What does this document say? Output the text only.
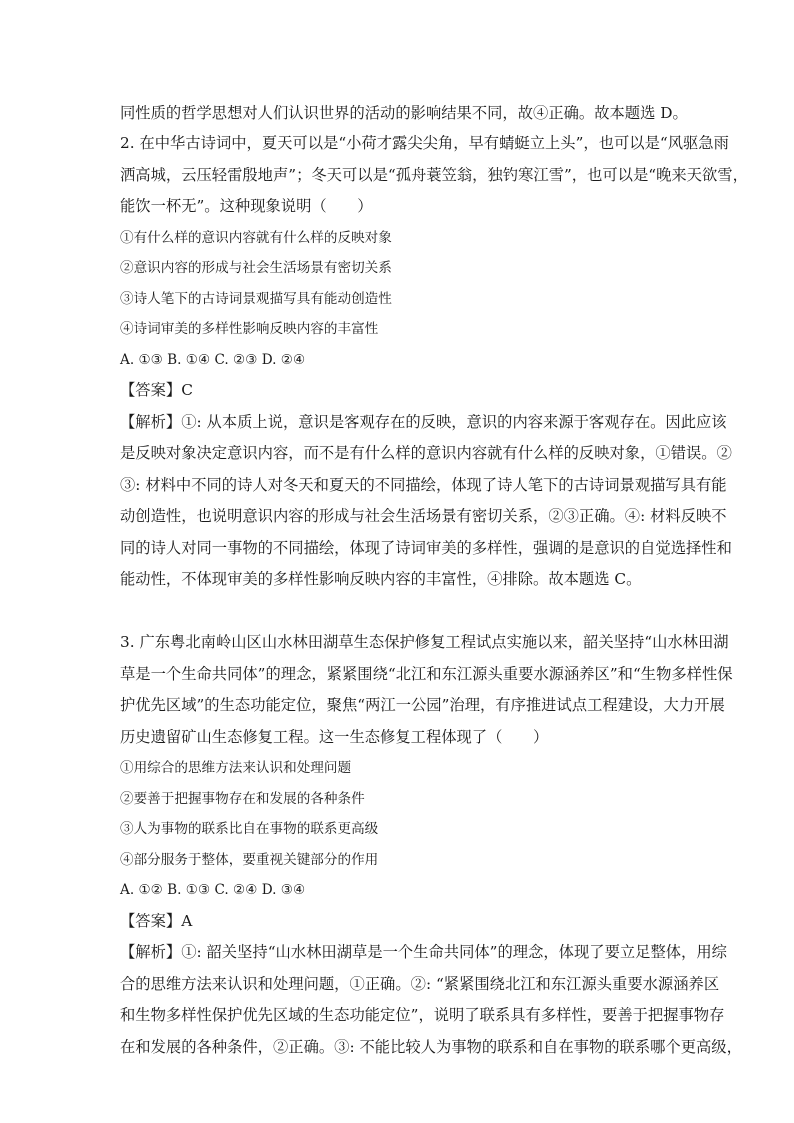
同性质的哲学思想对人们认识世界的活动的影响结果不同，故④正确。故本题选 D。
2. 在中华古诗词中，夏天可以是“小荷才露尖尖角，早有蜻蜓立上头”，也可以是“风驱急雨
洒高城，云压轻雷殷地声”；冬天可以是“孤舟蓑笠翁，独钓寒江雪”，也可以是“晚来天欲雪，
能饮一杯无”。这种现象说明（　　）
①有什么样的意识内容就有什么样的反映对象
②意识内容的形成与社会生活场景有密切关系
③诗人笔下的古诗词景观描写具有能动创造性
④诗词审美的多样性影响反映内容的丰富性
A. ①③ B. ①④ C. ②③ D. ②④
【答案】C
【解析】①: 从本质上说，意识是客观存在的反映，意识的内容来源于客观存在。因此应该
是反映对象决定意识内容，而不是有什么样的意识内容就有什么样的反映对象，①错误。②
③: 材料中不同的诗人对冬天和夏天的不同描绘，体现了诗人笔下的古诗词景观描写具有能
动创造性，也说明意识内容的形成与社会生活场景有密切关系，②③正确。④: 材料反映不
同的诗人对同一事物的不同描绘，体现了诗词审美的多样性，强调的是意识的自觉选择性和
能动性，不体现审美的多样性影响反映内容的丰富性，④排除。故本题选 C。
3. 广东粤北南岭山区山水林田湖草生态保护修复工程试点实施以来，韶关坚持“山水林田湖
草是一个生命共同体”的理念，紧紧围绕“北江和东江源头重要水源涵养区”和“生物多样性保
护优先区域”的生态功能定位，聚焦“两江一公园”治理，有序推进试点工程建设，大力开展
历史遗留矿山生态修复工程。这一生态修复工程体现了（　　）
①用综合的思维方法来认识和处理问题
②要善于把握事物存在和发展的各种条件
③人为事物的联系比自在事物的联系更高级
④部分服务于整体，要重视关键部分的作用
A. ①② B. ①③ C. ②④ D. ③④
【答案】A
【解析】①: 韶关坚持“山水林田湖草是一个生命共同体”的理念，体现了要立足整体，用综
合的思维方法来认识和处理问题，①正确。②: “紧紧围绕北江和东江源头重要水源涵养区
和生物多样性保护优先区域的生态功能定位”，说明了联系具有多样性，要善于把握事物存
在和发展的各种条件，②正确。③: 不能比较人为事物的联系和自在事物的联系哪个更高级，
